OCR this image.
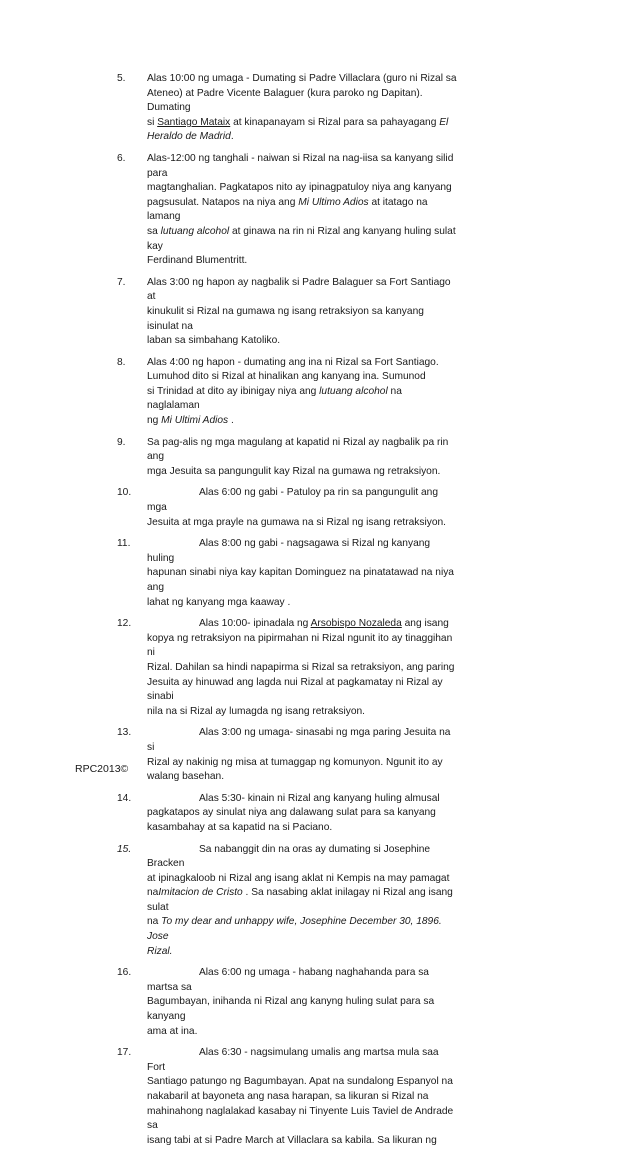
5.	Alas 10:00 ng umaga - Dumating si Padre Villaclara (guro ni Rizal sa
Ateneo) at Padre Vicente Balaguer (kura paroko ng Dapitan). Dumating
si Santiago Mataix at kinapanayam si Rizal para sa pahayagang El
Heraldo de Madrid.
6.	Alas-12:00 ng tanghali - naiwan si Rizal na nag-iisa sa kanyang silid para
magtanghalian. Pagkatapos nito ay ipinagpatuloy niya ang kanyang
pagsusulat. Natapos na niya ang Mi Ultimo Adios at itatago na lamang
sa lutuang alcohol at ginawa na rin ni Rizal ang kanyang huling sulat kay
Ferdinand Blumentritt.
7.	Alas 3:00 ng hapon ay nagbalik si Padre Balaguer sa Fort Santiago at
kinukulit si Rizal na gumawa ng isang retraksiyon sa kanyang isinulat na
laban sa simbahang Katoliko.
8.	Alas 4:00 ng hapon - dumating ang ina ni Rizal sa Fort Santiago.
Lumuhod dito si Rizal at hinalikan ang kanyang ina. Sumunod
si Trinidad at dito ay ibinigay niya ang lutuang alcohol na naglalaman
ng Mi Ultimi Adios .
9.	Sa pag-alis ng mga magulang at kapatid ni Rizal ay nagbalik pa rin ang
mga Jesuita sa pangungulit kay Rizal na gumawa ng retraksiyon.
10.	Alas 6:00 ng gabi - Patuloy pa rin sa pangungulit ang mga
Jesuita at mga prayle na gumawa na si Rizal ng isang retraksiyon.
11.	Alas 8:00 ng gabi - nagsagawa si Rizal ng kanyang huling
hapunan sinabi niya kay kapitan Dominguez na pinatatawad na niya ang
lahat ng kanyang mga kaaway .
12.	Alas 10:00- ipinadala ng Arsobispo Nozaleda ang isang
kopya ng retraksiyon na pipirmahan ni Rizal ngunit ito ay tinaggihan ni
Rizal. Dahilan sa hindi napapirma si Rizal sa retraksiyon, ang paring
Jesuita ay hinuwad ang lagda nui Rizal at pagkamatay ni Rizal ay sinabi
nila na si Rizal ay lumagda ng isang retraksiyon.
13.	Alas 3:00 ng umaga- sinasabi ng mga paring Jesuita na si
Rizal ay nakinig ng misa at tumaggap ng komunyon. Ngunit ito ay
walang basehan.
14.	Alas 5:30- kinain ni Rizal ang kanyang huling almusal
pagkatapos ay sinulat niya ang dalawang sulat para sa kanyang
kasambahay at sa kapatid na si Paciano.
15.	Sa nabanggit din na oras ay dumating si Josephine Bracken
at ipinagkaloob ni Rizal ang isang aklat ni Kempis na may pamagat
naImitacion de Cristo . Sa nasabing aklat inilagay ni Rizal ang isang sulat
na To my dear and unhappy wife, Josephine December 30, 1896. Jose
Rizal.
16.	Alas 6:00 ng umaga - habang naghahanda para sa martsa sa
Bagumbayan, inihanda ni Rizal ang kanyng huling sulat para sa kanyang
ama at ina.
17.	Alas 6:30 - nagsimulang umalis ang martsa mula saa Fort
Santiago patungo ng Bagumbayan. Apat na sundalong Espanyol na
nakabaril at bayoneta ang nasa harapan, sa likuran si Rizal na
mahinahong naglalakad kasabay ni Tinyente Luis Taviel de Andrade sa
isang tabi at si Padre March at Villaclara sa kabila. Sa likuran ng
RPC2013©
